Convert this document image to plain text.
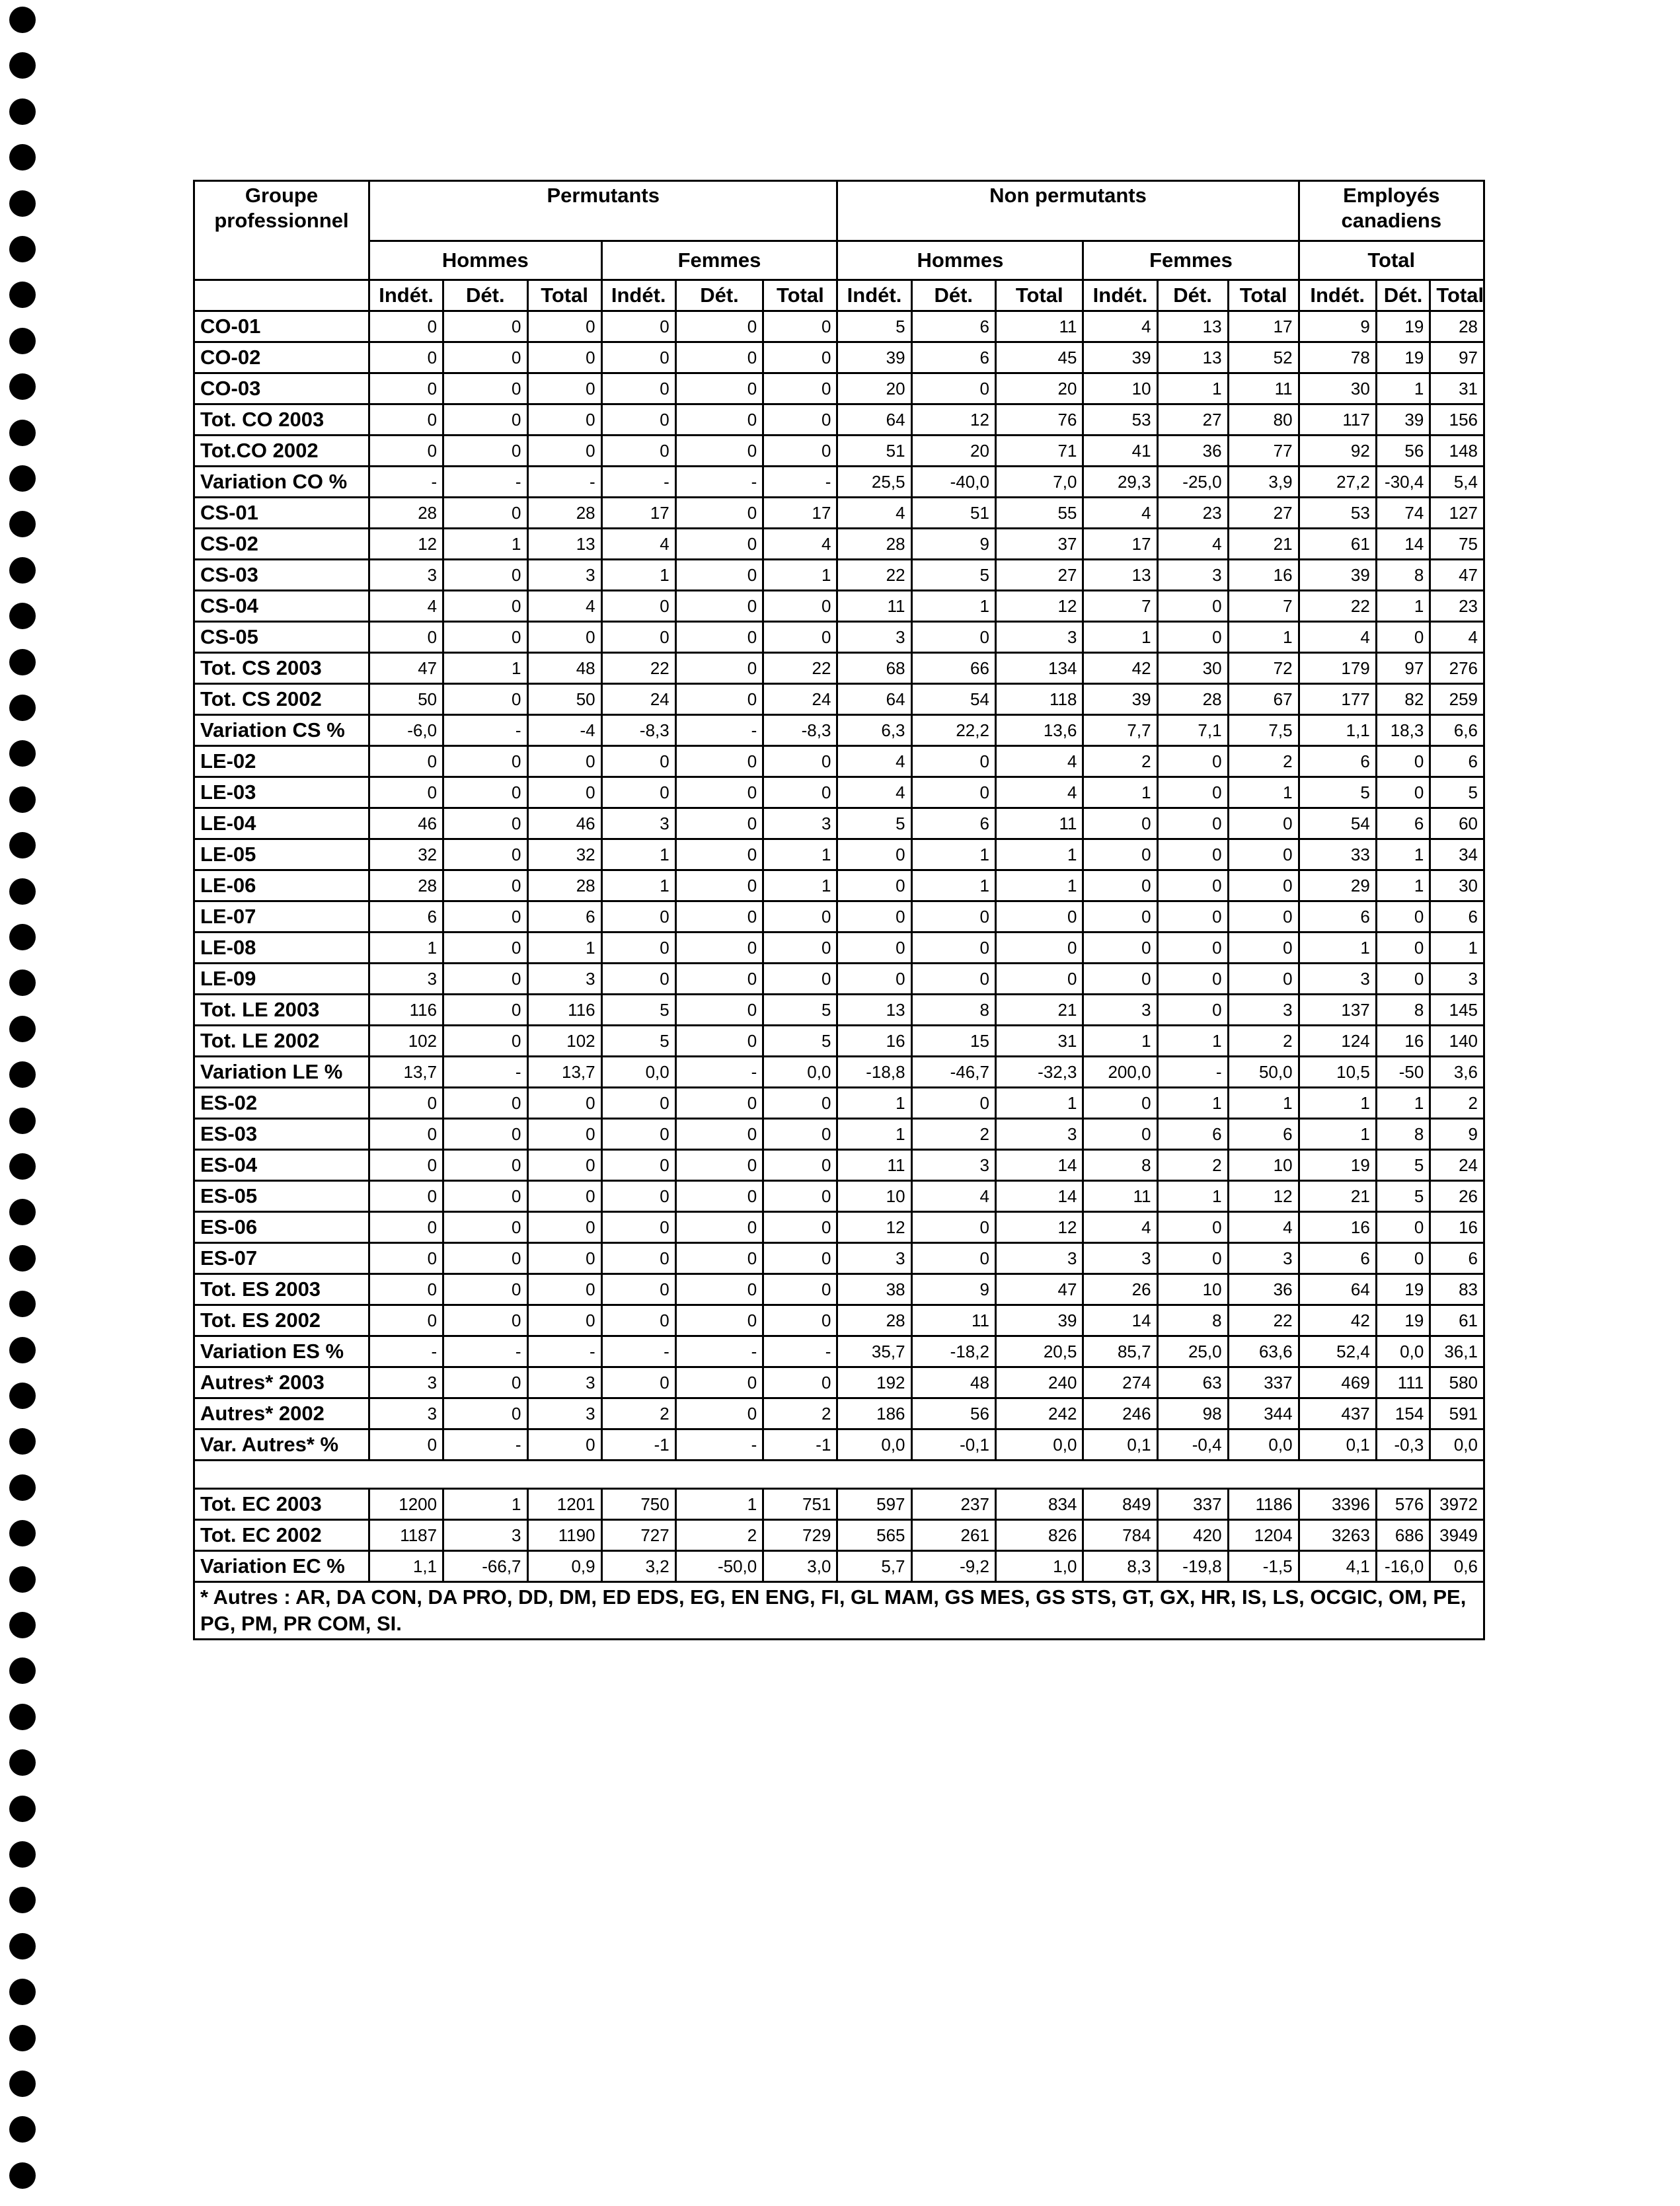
Groupe professionnel	Permutants						Non permutants						Employés canadiens		
	Hommes			Femmes			Hommes			Femmes			Total		
	Indét.	Dét.	Total	Indét.	Dét.	Total	Indét.	Dét.	Total	Indét.	Dét.	Total	Indét.	Dét.	Total
CO-01	0	0	0	0	0	0	5	6	11	4	13	17	9	19	28
CO-02	0	0	0	0	0	0	39	6	45	39	13	52	78	19	97
CO-03	0	0	0	0	0	0	20	0	20	10	1	11	30	1	31
Tot. CO 2003	0	0	0	0	0	0	64	12	76	53	27	80	117	39	156
Tot.CO 2002	0	0	0	0	0	0	51	20	71	41	36	77	92	56	148
Variation CO %	-	-	-	-	-	-	25,5	-40,0	7,0	29,3	-25,0	3,9	27,2	-30,4	5,4
CS-01	28	0	28	17	0	17	4	51	55	4	23	27	53	74	127
CS-02	12	1	13	4	0	4	28	9	37	17	4	21	61	14	75
CS-03	3	0	3	1	0	1	22	5	27	13	3	16	39	8	47
CS-04	4	0	4	0	0	0	11	1	12	7	0	7	22	1	23
CS-05	0	0	0	0	0	0	3	0	3	1	0	1	4	0	4
Tot. CS 2003	47	1	48	22	0	22	68	66	134	42	30	72	179	97	276
Tot. CS 2002	50	0	50	24	0	24	64	54	118	39	28	67	177	82	259
Variation CS %	-6,0	-	-4	-8,3	-	-8,3	6,3	22,2	13,6	7,7	7,1	7,5	1,1	18,3	6,6
LE-02	0	0	0	0	0	0	4	0	4	2	0	2	6	0	6
LE-03	0	0	0	0	0	0	4	0	4	1	0	1	5	0	5
LE-04	46	0	46	3	0	3	5	6	11	0	0	0	54	6	60
LE-05	32	0	32	1	0	1	0	1	1	0	0	0	33	1	34
LE-06	28	0	28	1	0	1	0	1	1	0	0	0	29	1	30
LE-07	6	0	6	0	0	0	0	0	0	0	0	0	6	0	6
LE-08	1	0	1	0	0	0	0	0	0	0	0	0	1	0	1
LE-09	3	0	3	0	0	0	0	0	0	0	0	0	3	0	3
Tot. LE 2003	116	0	116	5	0	5	13	8	21	3	0	3	137	8	145
Tot. LE 2002	102	0	102	5	0	5	16	15	31	1	1	2	124	16	140
Variation LE %	13,7	-	13,7	0,0	-	0,0	-18,8	-46,7	-32,3	200,0	-	50,0	10,5	-50	3,6
ES-02	0	0	0	0	0	0	1	0	1	0	1	1	1	1	2
ES-03	0	0	0	0	0	0	1	2	3	0	6	6	1	8	9
ES-04	0	0	0	0	0	0	11	3	14	8	2	10	19	5	24
ES-05	0	0	0	0	0	0	10	4	14	11	1	12	21	5	26
ES-06	0	0	0	0	0	0	12	0	12	4	0	4	16	0	16
ES-07	0	0	0	0	0	0	3	0	3	3	0	3	6	0	6
Tot. ES 2003	0	0	0	0	0	0	38	9	47	26	10	36	64	19	83
Tot. ES 2002	0	0	0	0	0	0	28	11	39	14	8	22	42	19	61
Variation ES %	-	-	-	-	-	-	35,7	-18,2	20,5	85,7	25,0	63,6	52,4	0,0	36,1
Autres* 2003	3	0	3	0	0	0	192	48	240	274	63	337	469	111	580
Autres* 2002	3	0	3	2	0	2	186	56	242	246	98	344	437	154	591
Var. Autres* %	0	-	0	-1	-	-1	0,0	-0,1	0,0	0,1	-0,4	0,0	0,1	-0,3	0,0

Tot. EC 2003	1200	1	1201	750	1	751	597	237	834	849	337	1186	3396	576	3972
Tot. EC 2002	1187	3	1190	727	2	729	565	261	826	784	420	1204	3263	686	3949
Variation EC %	1,1	-66,7	0,9	3,2	-50,0	3,0	5,7	-9,2	1,0	8,3	-19,8	-1,5	4,1	-16,0	0,6
* Autres : AR, DA CON, DA PRO, DD, DM, ED EDS, EG, EN ENG, FI, GL MAM, GS MES, GS STS, GT, GX, HR, IS, LS, OCGIC, OM, PE, PG, PM, PR COM, SI.															
